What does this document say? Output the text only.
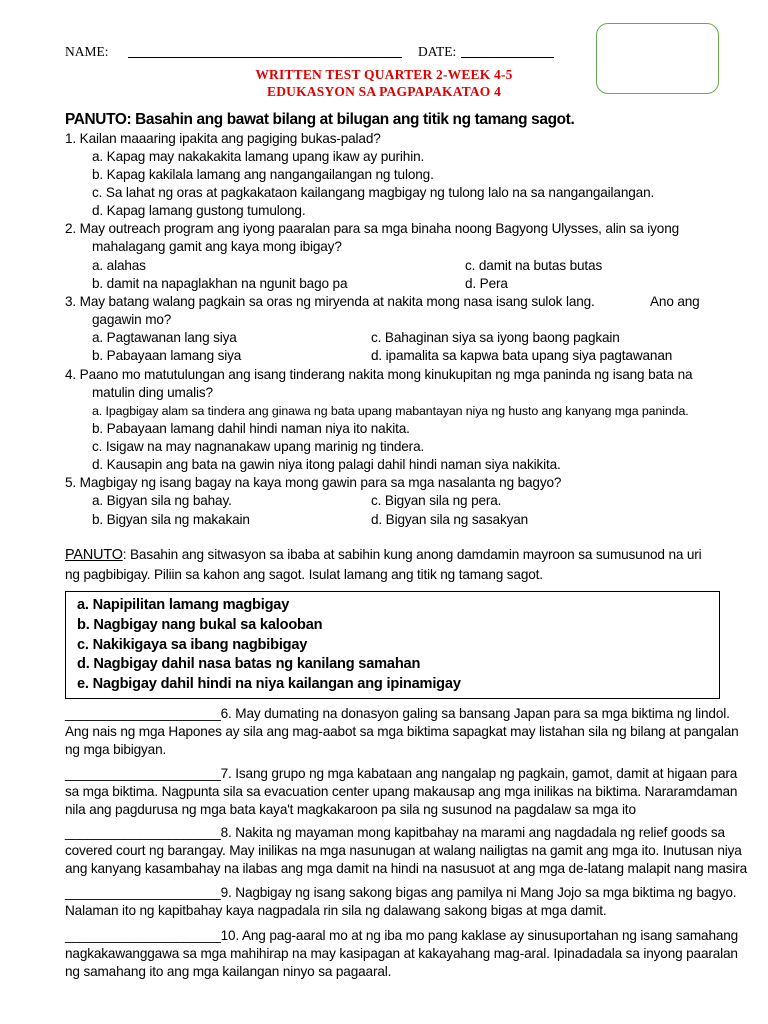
NAME:	DATE:
WRITTEN TEST QUARTER 2-WEEK 4-5
EDUKASYON SA PAGPAPAKATAO 4
PANUTO: Basahin ang bawat bilang at bilugan ang titik ng tamang sagot.
1. Kailan maaaring ipakita ang pagiging bukas-palad?
a. Kapag may nakakakita lamang upang ikaw ay purihin.
b. Kapag kakilala lamang ang nangangailangan ng tulong.
c. Sa lahat ng oras at pagkakataon kailangang magbigay ng tulong lalo na sa nangangailangan.
d. Kapag lamang gustong tumulong.
2. May outreach program ang iyong paaralan para sa mga binaha noong Bagyong Ulysses, alin sa iyong
mahalagang gamit ang kaya mong ibigay?
a. alahas	c. damit na butas butas
b. damit na napaglakhan na ngunit bago pa	d. Pera
3. May batang walang pagkain sa oras ng miryenda at nakita mong nasa isang sulok lang.	Ano ang
gagawin mo?
a. Pagtawanan lang siya	c. Bahaginan siya sa iyong baong pagkain
b. Pabayaan lamang siya	d. ipamalita sa kapwa bata upang siya pagtawanan
4. Paano mo matutulungan ang isang tinderang nakita mong kinukupitan ng mga paninda ng isang bata na
matulin ding umalis?
a. Ipagbigay alam sa tindera ang ginawa ng bata upang mabantayan niya ng husto ang kanyang mga paninda.
b. Pabayaan lamang dahil hindi naman niya ito nakita.
c. Isigaw na may nagnanakaw upang marinig ng tindera.
d. Kausapin ang bata na gawin niya itong palagi dahil hindi naman siya nakikita.
5. Magbigay ng isang bagay na kaya mong gawin para sa mga nasalanta ng bagyo?
a. Bigyan sila ng bahay.	c. Bigyan sila ng pera.
b. Bigyan sila ng makakain	d. Bigyan sila ng sasakyan
PANUTO: Basahin ang sitwasyon sa ibaba at sabihin kung anong damdamin mayroon sa sumusunod na uri
ng pagbibigay. Piliin sa kahon ang sagot. Isulat lamang ang titik ng tamang sagot.
a. Napipilitan lamang magbigay
b. Nagbigay nang bukal sa kalooban
c. Nakikigaya sa ibang nagbibigay
d. Nagbigay dahil nasa batas ng kanilang samahan
e. Nagbigay dahil hindi na niya kailangan ang ipinamigay
_____________________6. May dumating na donasyon galing sa bansang Japan para sa mga biktima ng lindol.
Ang nais ng mga Hapones ay sila ang mag-aabot sa mga biktima sapagkat may listahan sila ng bilang at pangalan
ng mga bibigyan.
_____________________7. Isang grupo ng mga kabataan ang nangalap ng pagkain, gamot, damit at higaan para
sa mga biktima. Nagpunta sila sa evacuation center upang makausap ang mga inilikas na biktima. Nararamdaman
nila ang pagdurusa ng mga bata kaya't magkakaroon pa sila ng susunod na pagdalaw sa mga ito
_____________________8. Nakita ng mayaman mong kapitbahay na marami ang nagdadala ng relief goods sa
covered court ng barangay. May inilikas na mga nasunugan at walang nailigtas na gamit ang mga ito. Inutusan niya
ang kanyang kasambahay na ilabas ang mga damit na hindi na nasusuot at ang mga de-latang malapit nang masira
_____________________9. Nagbigay ng isang sakong bigas ang pamilya ni Mang Jojo sa mga biktima ng bagyo.
Nalaman ito ng kapitbahay kaya nagpadala rin sila ng dalawang sakong bigas at mga damit.
_____________________10. Ang pag-aaral mo at ng iba mo pang kaklase ay sinusuportahan ng isang samahang
nagkakawanggawa sa mga mahihirap na may kasipagan at kakayahang mag-aral. Ipinadadala sa inyong paaralan
ng samahang ito ang mga kailangan ninyo sa pagaaral.
